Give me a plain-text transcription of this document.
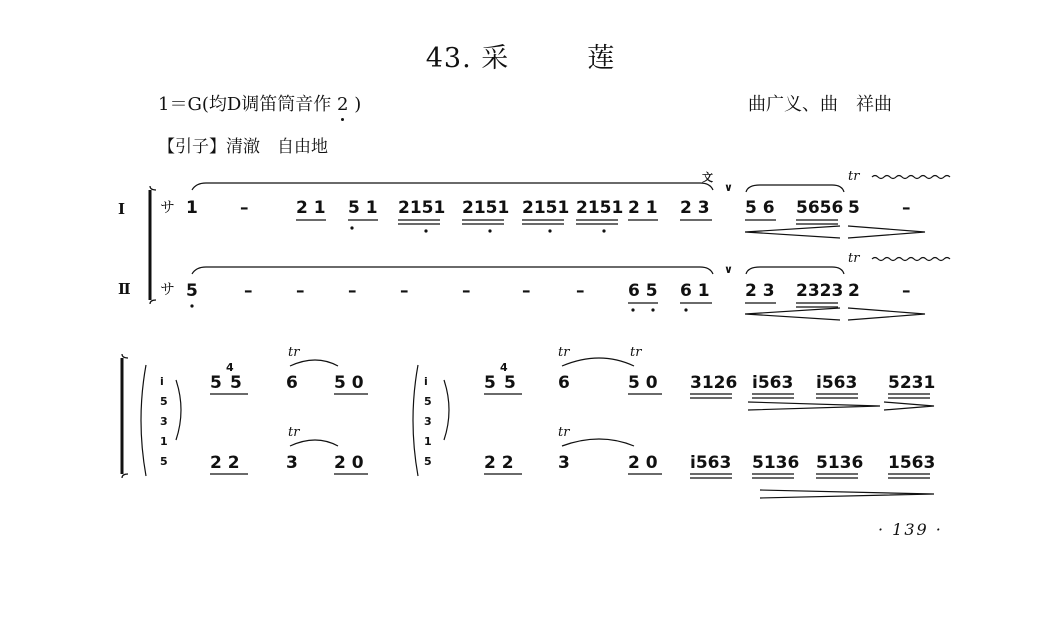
43. 采	莲
1＝G(均D调笛筒音作 2 )	曲广义、曲　祥曲
【引子】清澈　自由地
I
Ⅱ
サ
サ
文
∨
1 –	2 1 5 1 2151 2151 2151 2151 2 1 2 3 5 6 5656 5 –
tr
∨
5	–	–	–	–	–	–	–	6 5 6 1 2 3 2323 2 –
tr
i
5
3
1
5
5
4
5	6 5 0
tr
i
5
3
1
5
5
4
5 6	5 0
tr	tr
3126 i563 i563 5231
2 2	3 2 0
tr
2 2	3	2 0
tr
i563 5136 5136 1563
· 139 ·
